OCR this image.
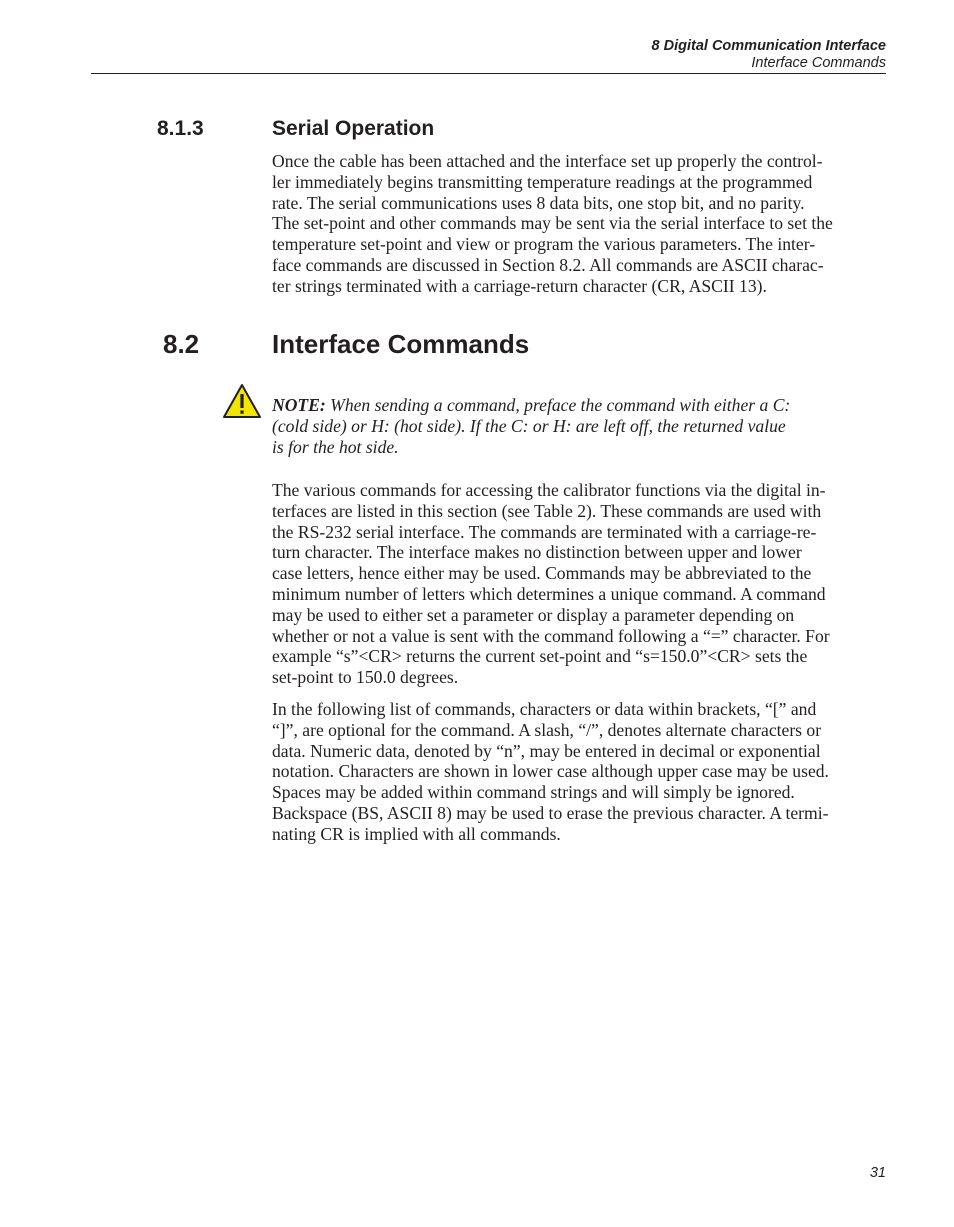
8 Digital Communication Interface
Interface Commands
8.1.3	Serial Operation

Once the cable has been attached and the interface set up properly the control-

ler immediately begins transmitting temperature readings at the programmed

rate. The serial communications uses 8 data bits, one stop bit, and no parity.

The set-point and other commands may be sent via the serial interface to set the

temperature set-point and view or program the various parameters. The inter-

face commands are discussed in Section 8.2. All commands are ASCII charac-

ter strings terminated with a carriage-return character (CR, ASCII 13).

8.2	Interface Commands
NOTE: When sending a command, preface the command with either a C:
(cold side) or H: (hot side). If the C: or H: are left off, the returned value
is for the hot side.

The various commands for accessing the calibrator functions via the digital in-

terfaces are listed in this section (see Table 2). These commands are used with

the RS-232 serial interface. The commands are terminated with a carriage-re-

turn character. The interface makes no distinction between upper and lower

case letters, hence either may be used. Commands may be abbreviated to the

minimum number of letters which determines a unique command. A command

may be used to either set a parameter or display a parameter depending on

whether or not a value is sent with the command following a “=” character. For

example “s”<CR> returns the current set-point and “s=150.0”<CR> sets the

set-point to 150.0 degrees.

In the following list of commands, characters or data within brackets, “[” and

“]”, are optional for the command. A slash, “/”, denotes alternate characters or

data. Numeric data, denoted by “n”, may be entered in decimal or exponential

notation. Characters are shown in lower case although upper case may be used.

Spaces may be added within command strings and will simply be ignored.

Backspace (BS, ASCII 8) may be used to erase the previous character. A termi-

nating CR is implied with all commands.

31
